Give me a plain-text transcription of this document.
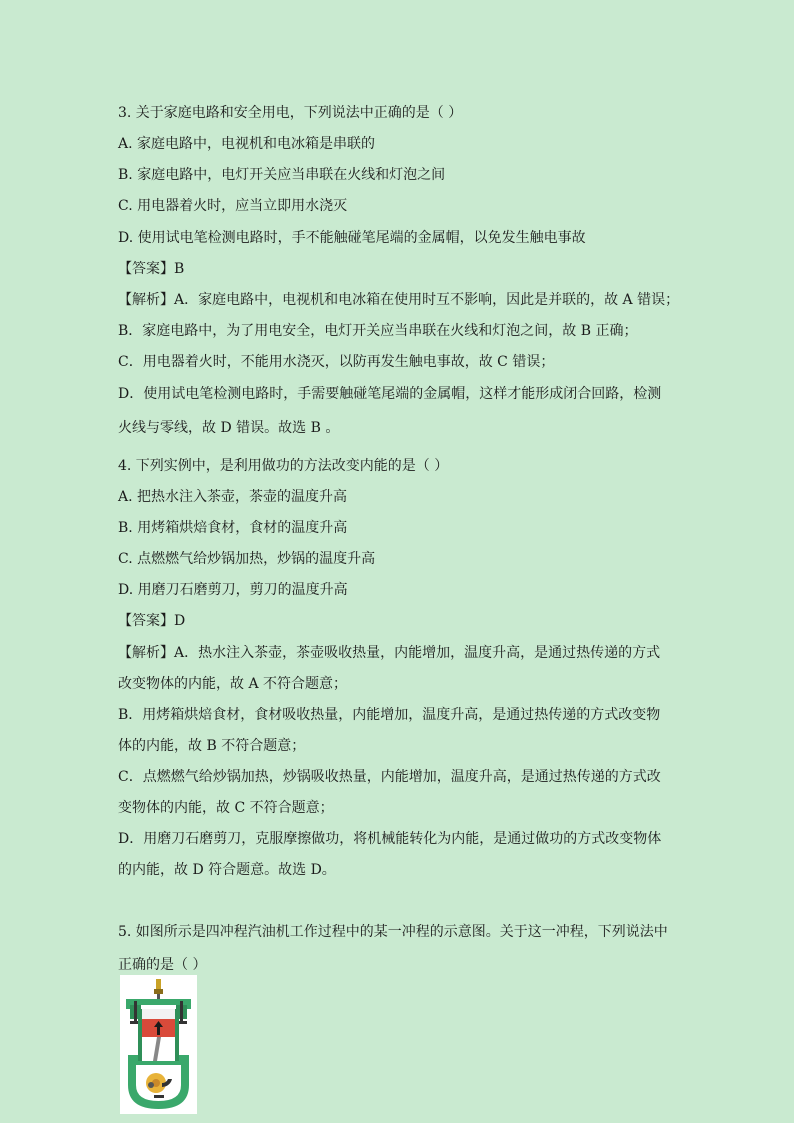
3. 关于家庭电路和安全用电，下列说法中正确的是（ ）
A. 家庭电路中，电视机和电冰箱是串联的
B. 家庭电路中，电灯开关应当串联在火线和灯泡之间
C. 用电器着火时，应当立即用水浇灭
D. 使用试电笔检测电路时，手不能触碰笔尾端的金属帽，以免发生触电事故
【答案】B
【解析】A．家庭电路中，电视机和电冰箱在使用时互不影响，因此是并联的，故 A 错误；
B．家庭电路中，为了用电安全，电灯开关应当串联在火线和灯泡之间，故 B 正确；
C．用电器着火时，不能用水浇灭，以防再发生触电事故，故 C 错误；
D．使用试电笔检测电路时，手需要触碰笔尾端的金属帽，这样才能形成闭合回路，检测
火线与零线，故 D 错误。故选 B 。
4. 下列实例中，是利用做功的方法改变内能的是（ ）
A. 把热水注入茶壶，茶壶的温度升高
B. 用烤箱烘焙食材，食材的温度升高
C. 点燃燃气给炒锅加热，炒锅的温度升高
D. 用磨刀石磨剪刀，剪刀的温度升高
【答案】D
【解析】A．热水注入茶壶，茶壶吸收热量，内能增加，温度升高，是通过热传递的方式
改变物体的内能，故 A 不符合题意；
B．用烤箱烘焙食材，食材吸收热量，内能增加，温度升高，是通过热传递的方式改变物
体的内能，故 B 不符合题意；
C．点燃燃气给炒锅加热，炒锅吸收热量，内能增加，温度升高，是通过热传递的方式改
变物体的内能，故 C 不符合题意；
D．用磨刀石磨剪刀，克服摩擦做功，将机械能转化为内能，是通过做功的方式改变物体
的内能，故 D 符合题意。故选 D。
5. 如图所示是四冲程汽油机工作过程中的某一冲程的示意图。关于这一冲程，下列说法中
正确的是（ ）
